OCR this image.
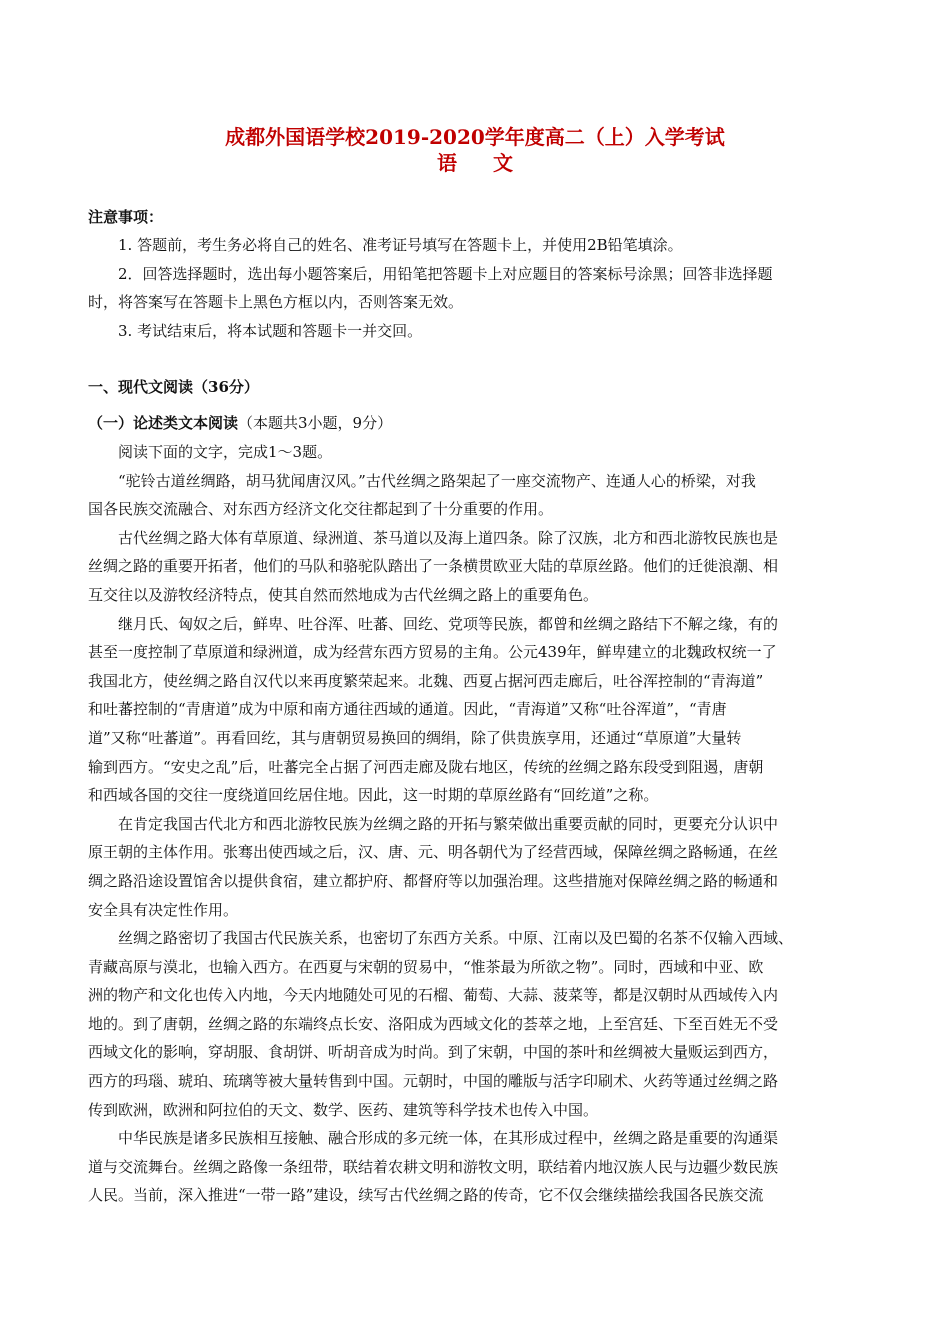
成都外国语学校2019-2020学年度高二（上）入学考试
语文
注意事项：
1. 答题前，考生务必将自己的姓名、准考证号填写在答题卡上，并使用2B铅笔填涂。
2．回答选择题时，选出每小题答案后，用铅笔把答题卡上对应题目的答案标号涂黑；回答非选择题
时，将答案写在答题卡上黑色方框以内，否则答案无效。
3. 考试结束后，将本试题和答题卡一并交回。
一、现代文阅读（36分）
（一）论述类文本阅读（本题共3小题，9分）
阅读下面的文字，完成1～3题。
“驼铃古道丝绸路，胡马犹闻唐汉风。”古代丝绸之路架起了一座交流物产、连通人心的桥梁，对我
国各民族交流融合、对东西方经济文化交往都起到了十分重要的作用。
古代丝绸之路大体有草原道、绿洲道、茶马道以及海上道四条。除了汉族，北方和西北游牧民族也是
丝绸之路的重要开拓者，他们的马队和骆驼队踏出了一条横贯欧亚大陆的草原丝路。他们的迁徙浪潮、相
互交往以及游牧经济特点，使其自然而然地成为古代丝绸之路上的重要角色。
继月氏、匈奴之后，鲜卑、吐谷浑、吐蕃、回纥、党项等民族，都曾和丝绸之路结下不解之缘，有的
甚至一度控制了草原道和绿洲道，成为经营东西方贸易的主角。公元439年，鲜卑建立的北魏政权统一了
我国北方，使丝绸之路自汉代以来再度繁荣起来。北魏、西夏占据河西走廊后，吐谷浑控制的“青海道”
和吐蕃控制的“青唐道”成为中原和南方通往西域的通道。因此，“青海道”又称“吐谷浑道”，“青唐
道”又称“吐蕃道”。再看回纥，其与唐朝贸易换回的绸绢，除了供贵族享用，还通过“草原道”大量转
输到西方。“安史之乱”后，吐蕃完全占据了河西走廊及陇右地区，传统的丝绸之路东段受到阻遏，唐朝
和西域各国的交往一度绕道回纥居住地。因此，这一时期的草原丝路有“回纥道”之称。
在肯定我国古代北方和西北游牧民族为丝绸之路的开拓与繁荣做出重要贡献的同时，更要充分认识中
原王朝的主体作用。张骞出使西域之后，汉、唐、元、明各朝代为了经营西域，保障丝绸之路畅通，在丝
绸之路沿途设置馆舍以提供食宿，建立都护府、都督府等以加强治理。这些措施对保障丝绸之路的畅通和
安全具有决定性作用。
丝绸之路密切了我国古代民族关系，也密切了东西方关系。中原、江南以及巴蜀的名茶不仅输入西域、
青藏高原与漠北，也输入西方。在西夏与宋朝的贸易中，“惟茶最为所欲之物”。同时，西域和中亚、欧
洲的物产和文化也传入内地，今天内地随处可见的石榴、葡萄、大蒜、菠菜等，都是汉朝时从西域传入内
地的。到了唐朝，丝绸之路的东端终点长安、洛阳成为西域文化的荟萃之地，上至宫廷、下至百姓无不受
西域文化的影响，穿胡服、食胡饼、听胡音成为时尚。到了宋朝，中国的茶叶和丝绸被大量贩运到西方，
西方的玛瑙、琥珀、琉璃等被大量转售到中国。元朝时，中国的雕版与活字印刷术、火药等通过丝绸之路
传到欧洲，欧洲和阿拉伯的天文、数学、医药、建筑等科学技术也传入中国。
中华民族是诸多民族相互接触、融合形成的多元统一体，在其形成过程中，丝绸之路是重要的沟通渠
道与交流舞台。丝绸之路像一条纽带，联结着农耕文明和游牧文明，联结着内地汉族人民与边疆少数民族
人民。当前，深入推进“一带一路”建设，续写古代丝绸之路的传奇，它不仅会继续描绘我国各民族交流
